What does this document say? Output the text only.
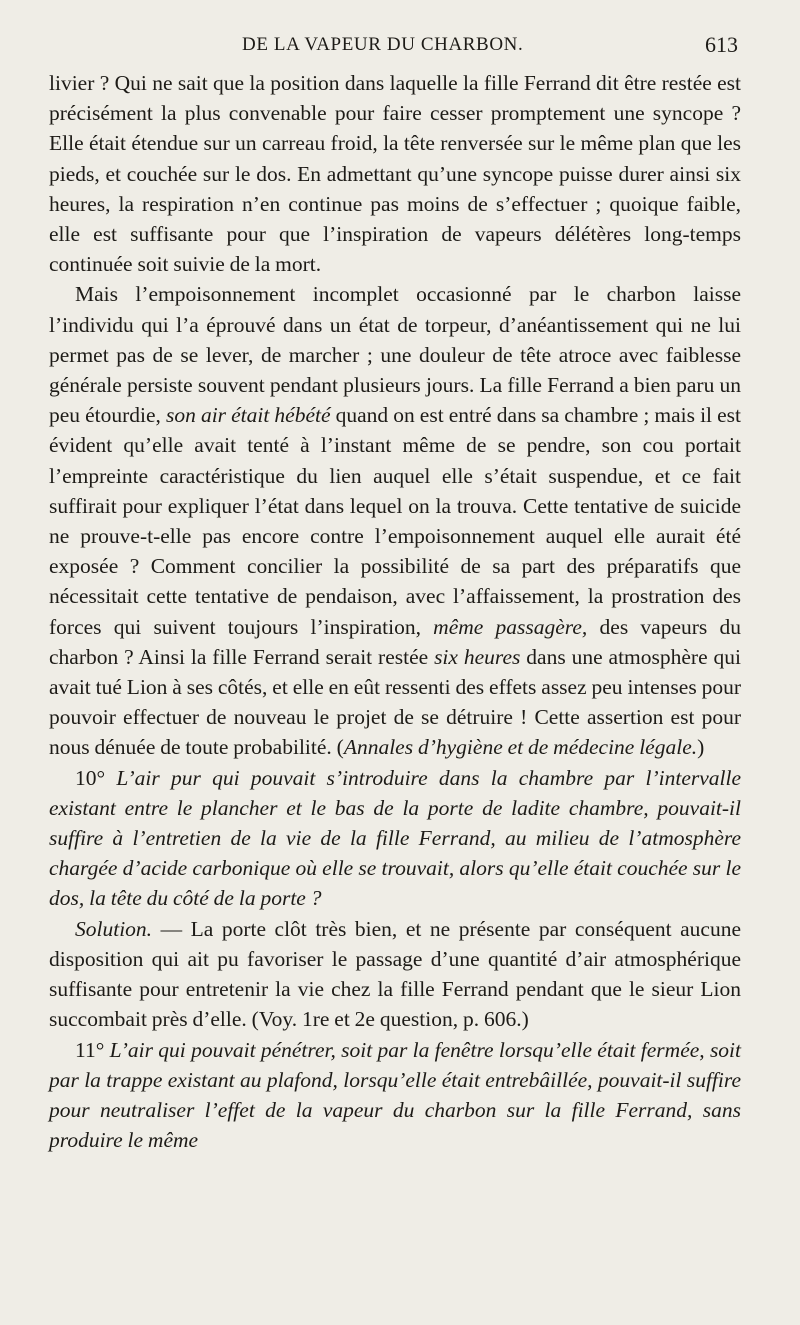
DE LA VAPEUR DU CHARBON.	613

livier ? Qui ne sait que la position dans laquelle la fille Ferrand dit être restée est précisément la plus convenable pour faire cesser promptement une syncope ? Elle était étendue sur un carreau froid, la tête renversée sur le même plan que les pieds, et couchée sur le dos. En admettant qu’une syncope puisse durer ainsi six heures, la respiration n’en continue pas moins de s’effectuer ; quoique faible, elle est suffisante pour que l’inspiration de vapeurs délétères long-temps continuée soit suivie de la mort.

Mais l’empoisonnement incomplet occasionné par le charbon laisse l’individu qui l’a éprouvé dans un état de torpeur, d’anéantissement qui ne lui permet pas de se lever, de marcher ; une douleur de tête atroce avec faiblesse générale persiste souvent pendant plusieurs jours. La fille Ferrand a bien paru un peu étourdie, son air était hébété quand on est entré dans sa chambre ; mais il est évident qu’elle avait tenté à l’instant même de se pendre, son cou portait l’empreinte caractéristique du lien auquel elle s’était suspendue, et ce fait suffirait pour expliquer l’état dans lequel on la trouva. Cette tentative de suicide ne prouve-t-elle pas encore contre l’empoisonnement auquel elle aurait été exposée ? Comment concilier la possibilité de sa part des préparatifs que nécessitait cette tentative de pendaison, avec l’affaissement, la prostration des forces qui suivent toujours l’inspiration, même passagère, des vapeurs du charbon ? Ainsi la fille Ferrand serait restée six heures dans une atmosphère qui avait tué Lion à ses côtés, et elle en eût ressenti des effets assez peu intenses pour pouvoir effectuer de nouveau le projet de se détruire ! Cette assertion est pour nous dénuée de toute probabilité. (Annales d’hygiène et de médecine légale.)

10° L’air pur qui pouvait s’introduire dans la chambre par l’intervalle existant entre le plancher et le bas de la porte de ladite chambre, pouvait-il suffire à l’entretien de la vie de la fille Ferrand, au milieu de l’atmosphère chargée d’acide carbonique où elle se trouvait, alors qu’elle était couchée sur le dos, la tête du côté de la porte ?

Solution. — La porte clôt très bien, et ne présente par conséquent aucune disposition qui ait pu favoriser le passage d’une quantité d’air atmosphérique suffisante pour entretenir la vie chez la fille Ferrand pendant que le sieur Lion succombait près d’elle. (Voy. 1re et 2e question, p. 606.)

11° L’air qui pouvait pénétrer, soit par la fenêtre lorsqu’elle était fermée, soit par la trappe existant au plafond, lorsqu’elle était entrebâillée, pouvait-il suffire pour neutraliser l’effet de la vapeur du charbon sur la fille Ferrand, sans produire le même
